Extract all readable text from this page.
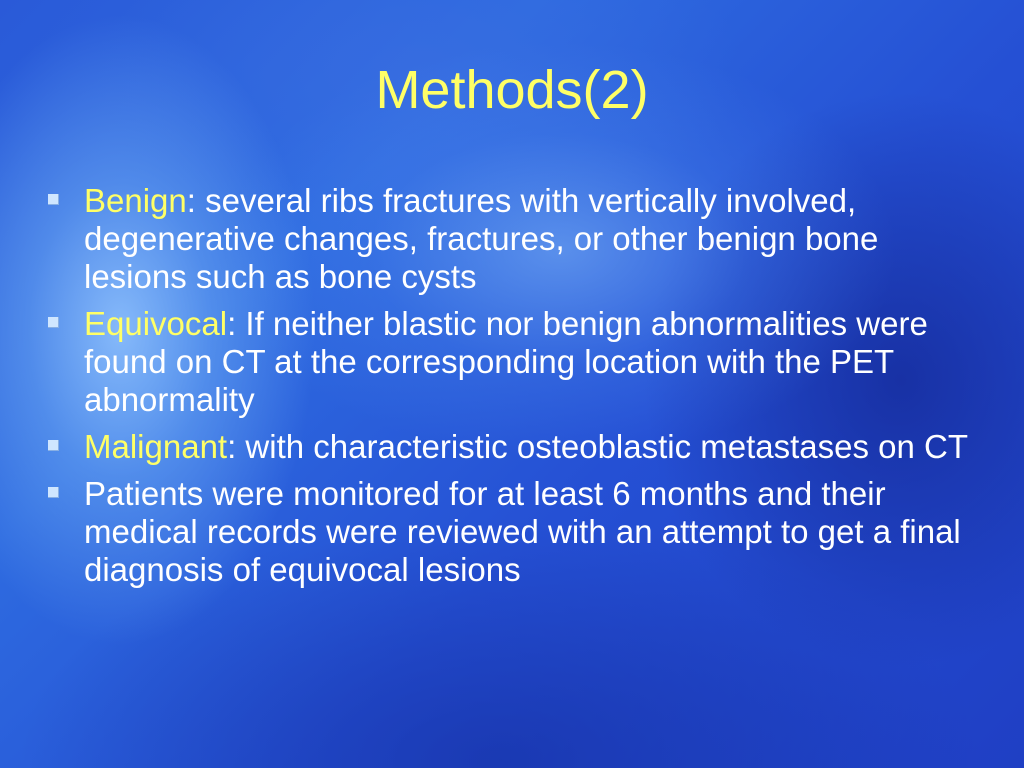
Methods(2)
Benign: several ribs fractures with vertically involved, degenerative changes, fractures, or other benign bone lesions such as bone cysts
Equivocal: If neither blastic nor benign abnormalities were found on CT at the corresponding location with the PET abnormality
Malignant: with characteristic osteoblastic metastases on CT
Patients were monitored for at least 6 months and their medical records were reviewed with an attempt to get a final diagnosis of equivocal lesions
